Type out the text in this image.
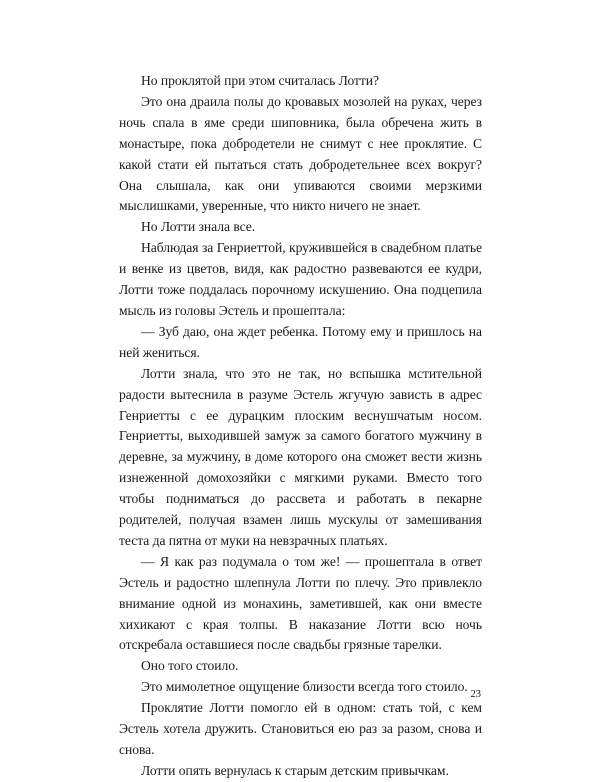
Но проклятой при этом считалась Лотти?

Это она драила полы до кровавых мозолей на руках, через ночь спала в яме среди шиповника, была обречена жить в монастыре, пока добродетели не снимут с нее проклятие. С какой стати ей пытаться стать добродетельнее всех вокруг? Она слышала, как они упиваются своими мерзкими мыслишками, уверенные, что никто ничего не знает.

Но Лотти знала все.

Наблюдая за Генриеттой, кружившейся в свадебном платье и венке из цветов, видя, как радостно развеваются ее кудри, Лотти тоже поддалась порочному искушению. Она подцепила мысль из головы Эстель и прошептала:

— Зуб даю, она ждет ребенка. Потому ему и пришлось на ней жениться.

Лотти знала, что это не так, но вспышка мстительной радости вытеснила в разуме Эстель жгучую зависть в адрес Генриетты с ее дурацким плоским веснушчатым носом. Генриетты, выходившей замуж за самого богатого мужчину в деревне, за мужчину, в доме которого она сможет вести жизнь изнеженной домохозяйки с мягкими руками. Вместо того чтобы подниматься до рассвета и работать в пекарне родителей, получая взамен лишь мускулы от замешивания теста да пятна от муки на невзрачных платьях.

— Я как раз подумала о том же! — прошептала в ответ Эстель и радостно шлепнула Лотти по плечу. Это привлекло внимание одной из монахинь, заметившей, как они вместе хихикают с края толпы. В наказание Лотти всю ночь отскребала оставшиеся после свадьбы грязные тарелки.

Оно того стоило.

Это мимолетное ощущение близости всегда того стоило.

Проклятие Лотти помогло ей в одном: стать той, с кем Эстель хотела дружить. Становиться ею раз за разом, снова и снова.

Лотти опять вернулась к старым детским привычкам.

23
